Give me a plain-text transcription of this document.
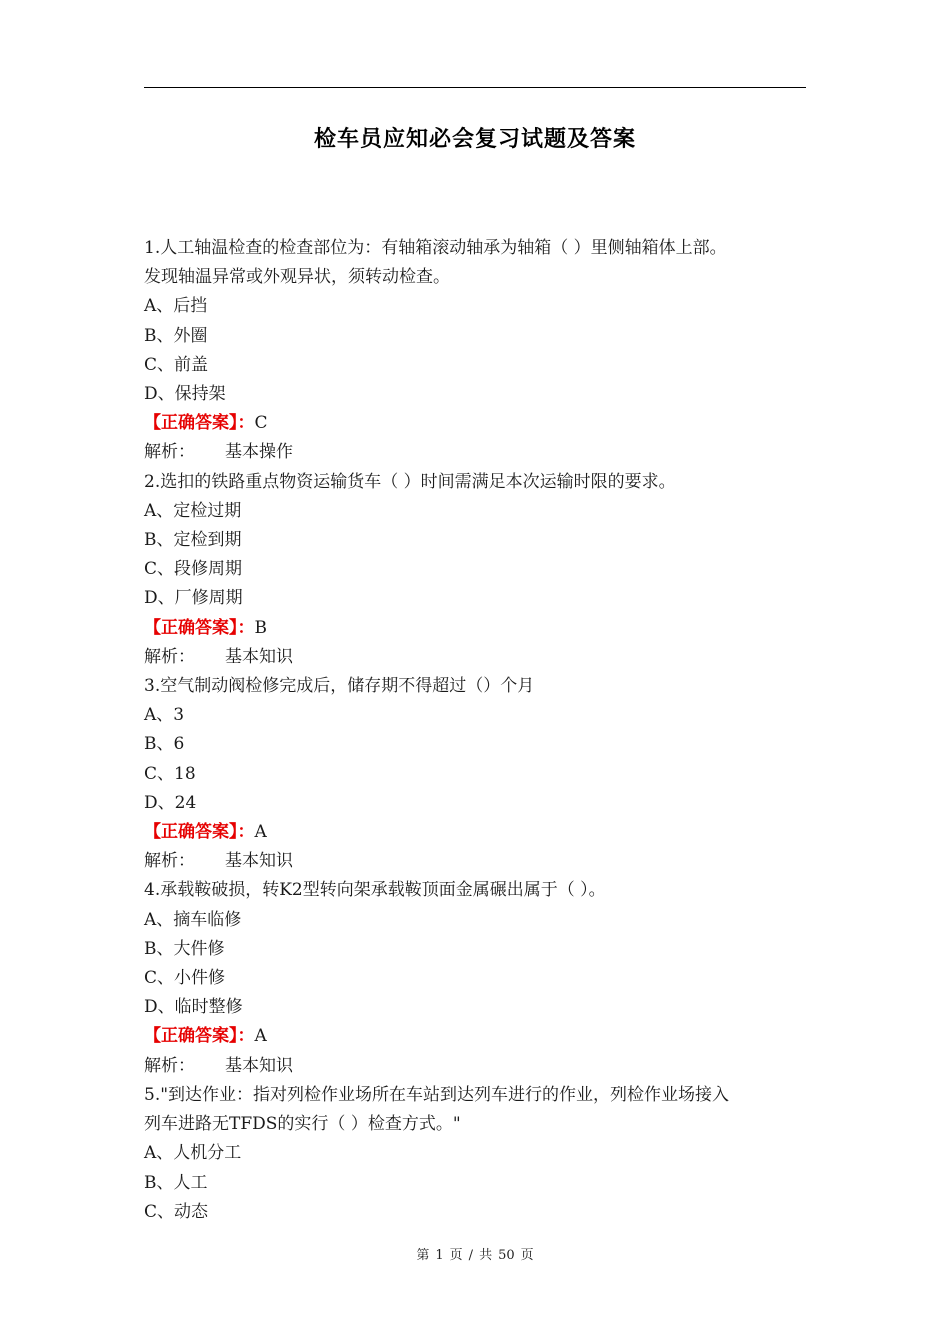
检车员应知必会复习试题及答案
1.人工轴温检查的检查部位为：有轴箱滚动轴承为轴箱（ ）里侧轴箱体上部。
发现轴温异常或外观异状，须转动检查。
A、后挡
B、外圈
C、前盖
D、保持架
【正确答案】：C
解析： 基本操作
2.选扣的铁路重点物资运输货车（ ）时间需满足本次运输时限的要求。
A、定检过期
B、定检到期
C、段修周期
D、厂修周期
【正确答案】：B
解析： 基本知识
3.空气制动阀检修完成后，储存期不得超过（）个月
A、3
B、6
C、18
D、24
【正确答案】：A
解析： 基本知识
4.承载鞍破损，转K2型转向架承载鞍顶面金属碾出属于（ ）。
A、摘车临修
B、大件修
C、小件修
D、临时整修
【正确答案】：A
解析： 基本知识
5."到达作业：指对列检作业场所在车站到达列车进行的作业，列检作业场接入
列车进路无TFDS的实行（ ）检查方式。"
A、人机分工
B、人工
C、动态
第 1 页 / 共 50 页
